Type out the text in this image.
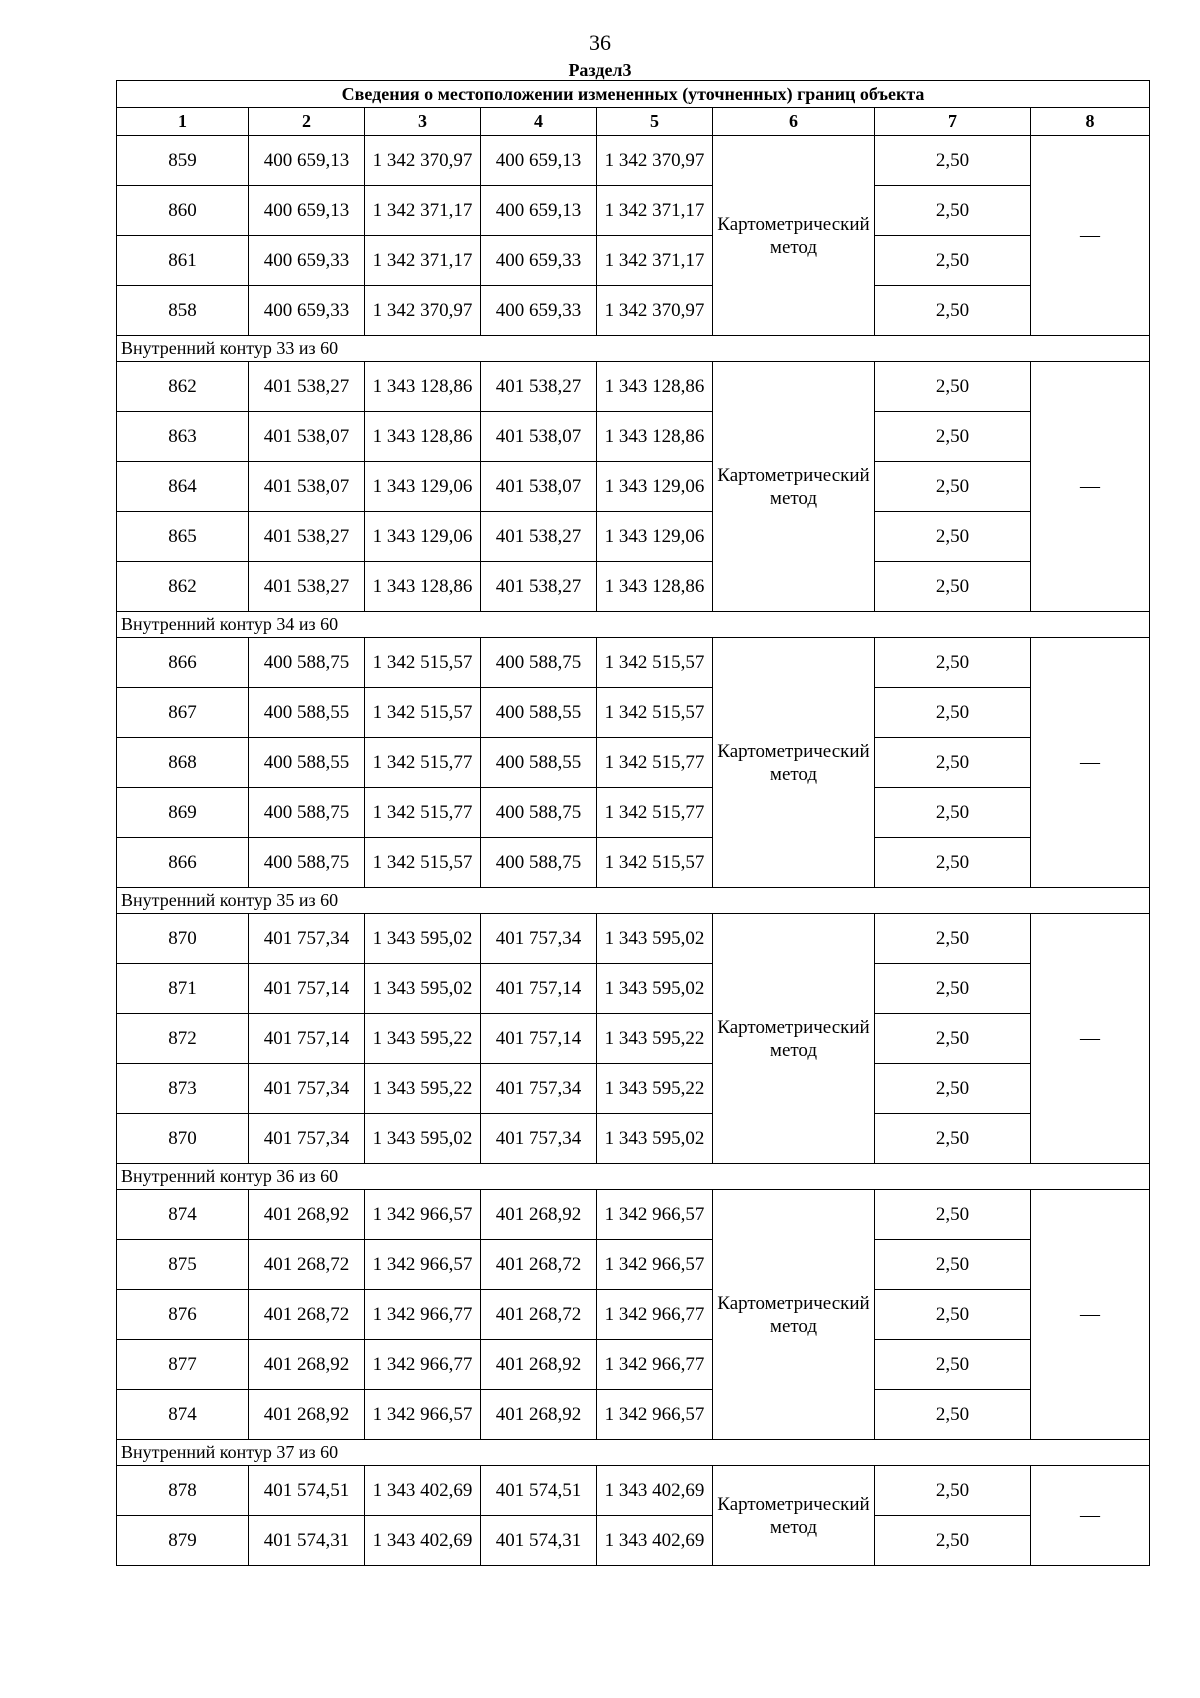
36
Раздел3
Сведения о местоположении измененных (уточненных) границ объекта							
1	2	3	4	5	6	7	8
859	400 659,13	1 342 370,97	400 659,13	1 342 370,97	Картометрический метод	2,50	—
860	400 659,13	1 342 371,17	400 659,13	1 342 371,17		2,50	
861	400 659,33	1 342 371,17	400 659,33	1 342 371,17		2,50	
858	400 659,33	1 342 370,97	400 659,33	1 342 370,97		2,50	
Внутренний контур 33 из 60							
862	401 538,27	1 343 128,86	401 538,27	1 343 128,86	Картометрический метод	2,50	—
863	401 538,07	1 343 128,86	401 538,07	1 343 128,86		2,50	
864	401 538,07	1 343 129,06	401 538,07	1 343 129,06		2,50	
865	401 538,27	1 343 129,06	401 538,27	1 343 129,06		2,50	
862	401 538,27	1 343 128,86	401 538,27	1 343 128,86		2,50	
Внутренний контур 34 из 60							
866	400 588,75	1 342 515,57	400 588,75	1 342 515,57	Картометрический метод	2,50	—
867	400 588,55	1 342 515,57	400 588,55	1 342 515,57		2,50	
868	400 588,55	1 342 515,77	400 588,55	1 342 515,77		2,50	
869	400 588,75	1 342 515,77	400 588,75	1 342 515,77		2,50	
866	400 588,75	1 342 515,57	400 588,75	1 342 515,57		2,50	
Внутренний контур 35 из 60							
870	401 757,34	1 343 595,02	401 757,34	1 343 595,02	Картометрический метод	2,50	—
871	401 757,14	1 343 595,02	401 757,14	1 343 595,02		2,50	
872	401 757,14	1 343 595,22	401 757,14	1 343 595,22		2,50	
873	401 757,34	1 343 595,22	401 757,34	1 343 595,22		2,50	
870	401 757,34	1 343 595,02	401 757,34	1 343 595,02		2,50	
Внутренний контур 36 из 60							
874	401 268,92	1 342 966,57	401 268,92	1 342 966,57	Картометрический метод	2,50	—
875	401 268,72	1 342 966,57	401 268,72	1 342 966,57		2,50	
876	401 268,72	1 342 966,77	401 268,72	1 342 966,77		2,50	
877	401 268,92	1 342 966,77	401 268,92	1 342 966,77		2,50	
874	401 268,92	1 342 966,57	401 268,92	1 342 966,57		2,50	
Внутренний контур 37 из 60							
878	401 574,51	1 343 402,69	401 574,51	1 343 402,69	Картометрический метод	2,50	—
879	401 574,31	1 343 402,69	401 574,31	1 343 402,69		2,50	
